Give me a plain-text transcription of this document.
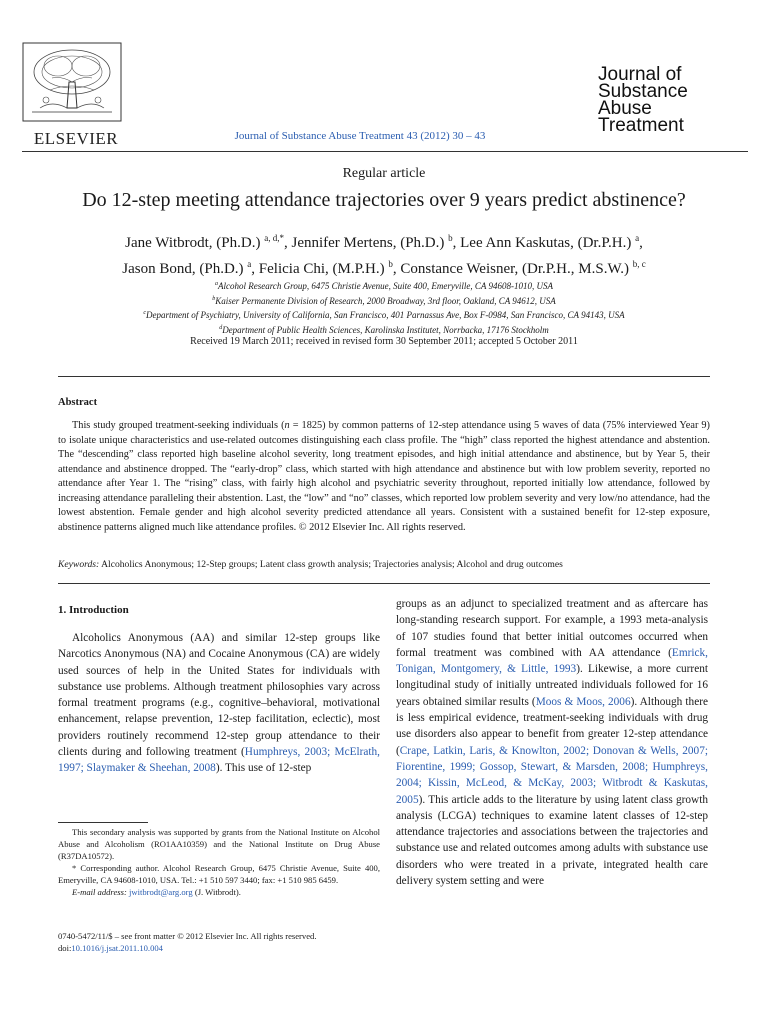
ELSEVIER	Journal of Substance Abuse Treatment 43 (2012) 30 – 43
Journal of
Substance
Abuse
Treatment
Regular article
Do 12-step meeting attendance trajectories over 9 years predict abstinence?
Jane Witbrodt, (Ph.D.) $^{a, d,*}$, Jennifer Mertens, (Ph.D.) $^b$, Lee Ann Kaskutas, (Dr.P.H.) $^a$,
Jason Bond, (Ph.D.) $^a$, Felicia Chi, (M.P.H.) $^b$, Constance Weisner, (Dr.P.H., M.S.W.) $^{b, c}$
$^a$Alcohol Research Group, 6475 Christie Avenue, Suite 400, Emeryville, CA 94608-1010, USA
$^b$Kaiser Permanente Division of Research, 2000 Broadway, 3rd floor, Oakland, CA 94612, USA
$^c$Department of Psychiatry, University of California, San Francisco, 401 Parnassus Ave, Box F-0984, San Francisco, CA 94143, USA
$^d$Department of Public Health Sciences, Karolinska Institutet, Norrbacka, 17176 Stockholm
Received 19 March 2011; received in revised form 30 September 2011; accepted 5 October 2011
Abstract
This study grouped treatment-seeking individuals (n = 1825) by common patterns of 12-step attendance using 5 waves of data (75% interviewed Year 9) to isolate unique characteristics and use-related outcomes distinguishing each class profile. The “high” class reported the highest attendance and abstention. The “descending” class reported high baseline alcohol severity, long treatment episodes, and high initial attendance and abstinence, but by Year 5, their attendance and abstinence dropped. The “early-drop” class, which started with high attendance and abstinence but with low problem severity, reported no attendance after Year 1. The “rising” class, with fairly high alcohol and psychiatric severity throughout, reported initially low attendance, followed by increasing attendance paralleling their abstention. Last, the “low” and “no” classes, which reported low problem severity and very low/no attendance, had the lowest abstention. Female gender and high alcohol severity predicted attendance all years. Consistent with a sustained benefit for 12-step exposure, abstinence patterns aligned much like attendance profiles. © 2012 Elsevier Inc. All rights reserved.
Keywords: Alcoholics Anonymous; 12-Step groups; Latent class growth analysis; Trajectories analysis; Alcohol and drug outcomes
1. Introduction
Alcoholics Anonymous (AA) and similar 12-step groups like Narcotics Anonymous (NA) and Cocaine Anonymous (CA) are widely used sources of help in the United States for individuals with substance use problems. Although treatment philosophies vary across formal treatment programs (e.g., cognitive–behavioral, motivational enhancement, relapse prevention, 12-step facilitation, eclectic), most providers routinely recommend 12-step group attendance to their clients during and following treatment (Humphreys, 2003; McElrath, 1997; Slaymaker & Sheehan, 2008). This use of 12-step
groups as an adjunct to specialized treatment and as aftercare has long-standing research support. For example, a 1993 meta-analysis of 107 studies found that better initial outcomes occurred when formal treatment was combined with AA attendance (Emrick, Tonigan, Montgomery, & Little, 1993). Likewise, a more current longitudinal study of initially untreated individuals followed for 16 years obtained similar results (Moos & Moos, 2006). Although there is less empirical evidence, treatment-seeking individuals with drug use disorders also appear to benefit from greater 12-step attendance (Crape, Latkin, Laris, & Knowlton, 2002; Donovan & Wells, 2007; Fiorentine, 1999; Gossop, Stewart, & Marsden, 2008; Humphreys, 2004; Kissin, McLeod, & McKay, 2003; Witbrodt & Kaskutas, 2005). This article adds to the literature by using latent class growth analysis (LCGA) techniques to examine latent classes of 12-step attendance trajectories and associations between the trajectories and substance use and related outcomes among adults with substance use disorders who were treated in a private, integrated health care delivery system setting and were

This secondary analysis was supported by grants from the National Institute on Alcohol Abuse and Alcoholism (RO1AA10359) and the National Institute on Drug Abuse (R37DA10572).

* Corresponding author. Alcohol Research Group, 6475 Christie Avenue, Suite 400, Emeryville, CA 94608-1010, USA. Tel.: +1 510 597 3440; fax: +1 510 985 6459.

E-mail address: jwitbrodt@arg.org (J. Witbrodt).

0740-5472/11/$ – see front matter © 2012 Elsevier Inc. All rights reserved.
doi:10.1016/j.jsat.2011.10.004
